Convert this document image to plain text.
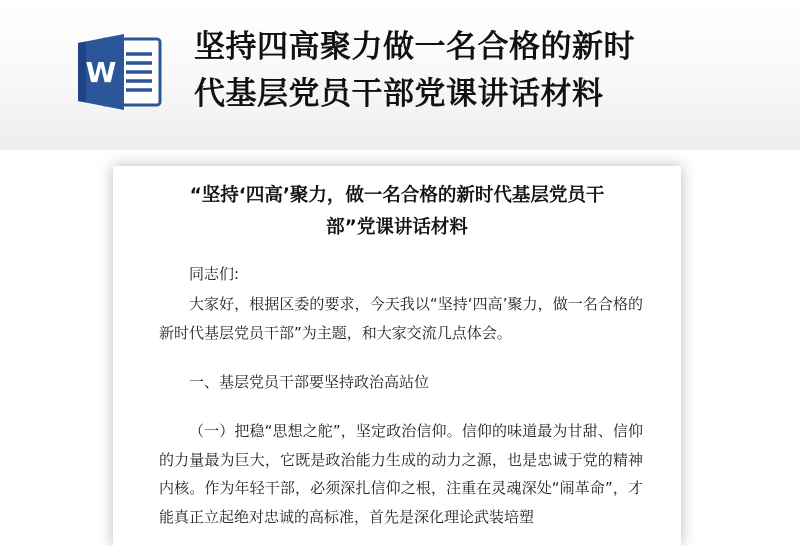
W
坚持四高聚力做一名合格的新时
代基层党员干部党课讲话材料
“坚持‘四高’聚力，做一名合格的新时代基层党员干
部”党课讲话材料
同志们:
大家好，根据区委的要求，今天我以“坚持‘四高’聚力，做一名合格的新时代基层党员干部”为主题，和大家交流几点体会。
一、基层党员干部要坚持政治高站位
（一）把稳“思想之舵”，坚定政治信仰。信仰的味道最为甘甜、信仰的力量最为巨大，它既是政治能力生成的动力之源，也是忠诚于党的精神内核。作为年轻干部，必须深扎信仰之根，注重在灵魂深处“闹革命”，才能真正立起绝对忠诚的高标准，首先是深化理论武装培塑
